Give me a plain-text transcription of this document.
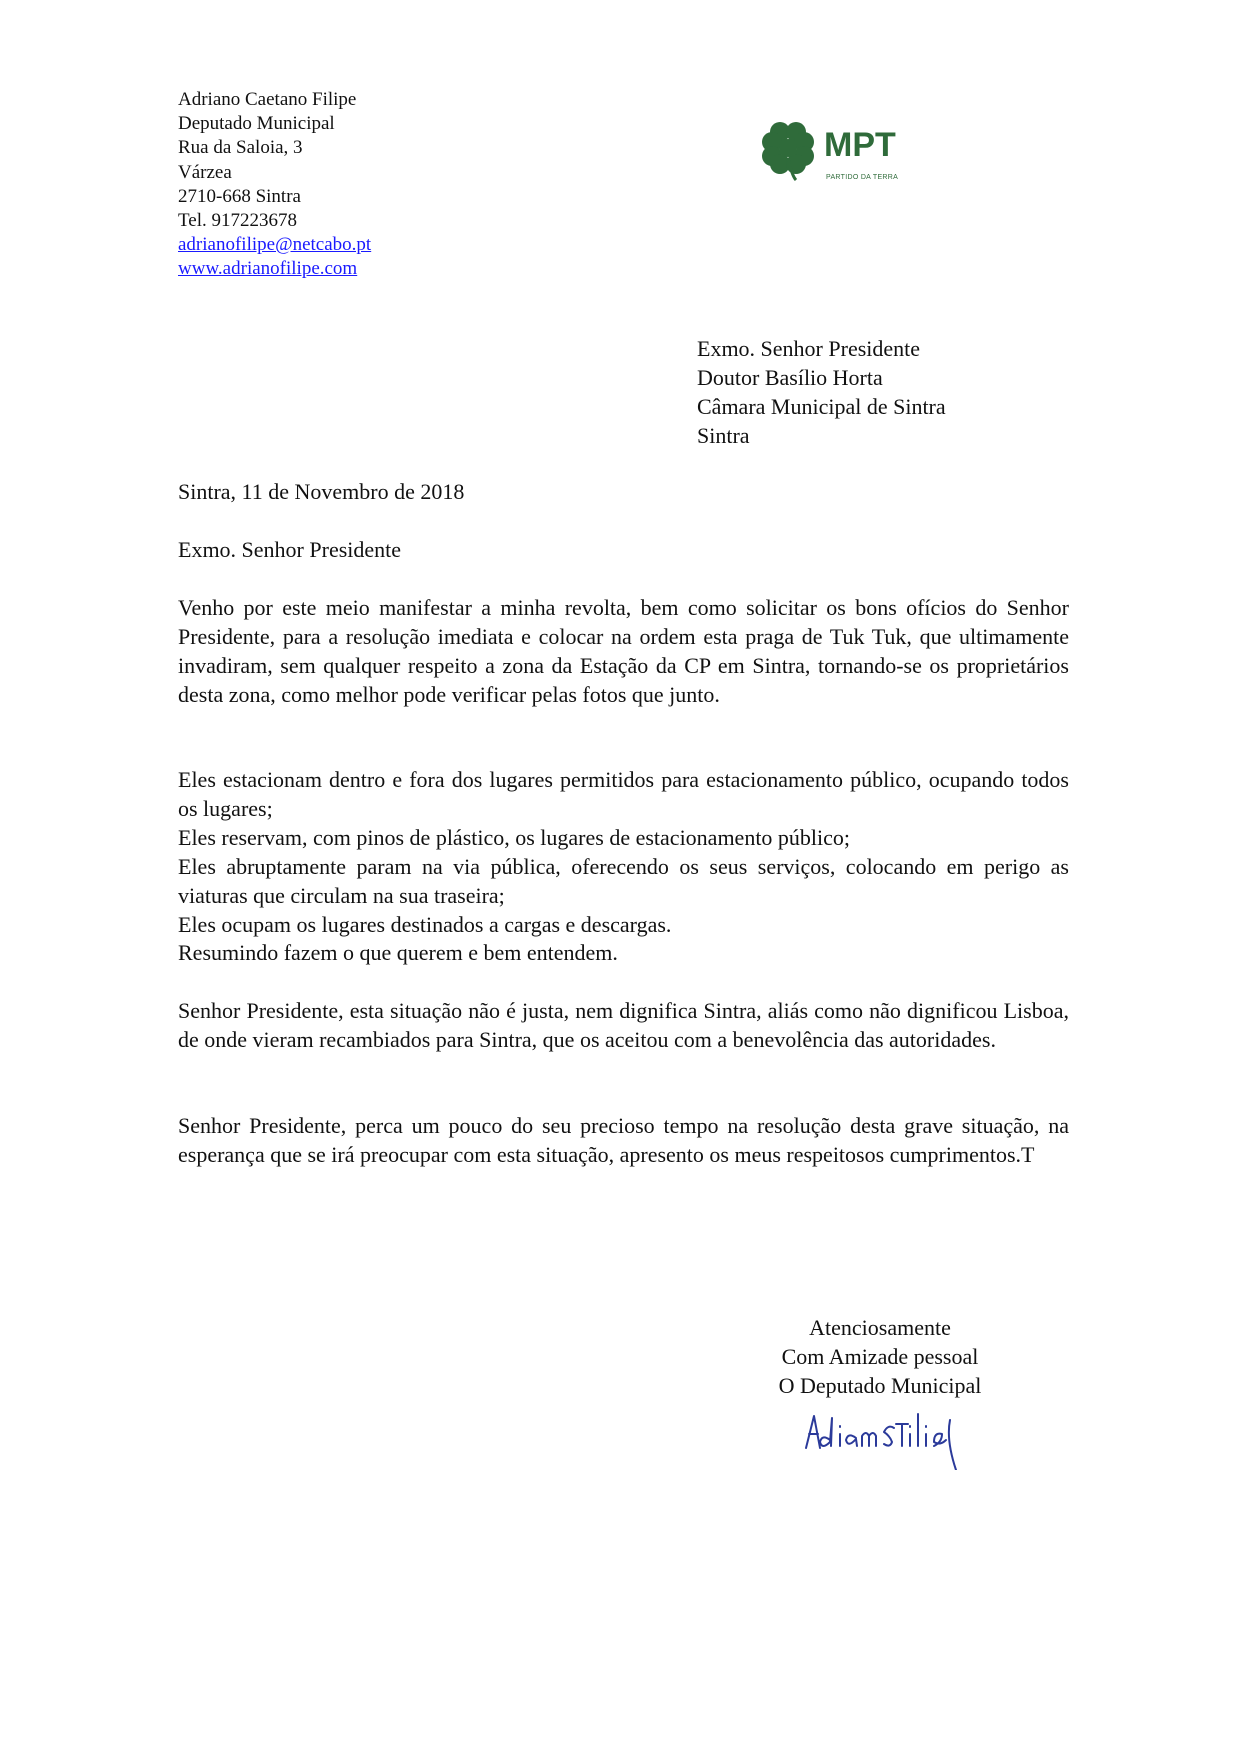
Adriano Caetano Filipe
Deputado Municipal
Rua da Saloia, 3
Várzea
2710-668 Sintra
Tel. 917223678
adrianofilipe@netcabo.pt
www.adrianofilipe.com
MPT
PARTIDO DA TERRA
Exmo. Senhor Presidente
Doutor Basílio Horta
Câmara Municipal de Sintra
Sintra
Sintra, 11 de Novembro de 2018
Exmo. Senhor Presidente
Venho por este meio manifestar a minha revolta, bem como solicitar os bons ofícios do Senhor Presidente, para a resolução imediata e colocar na ordem esta praga de Tuk Tuk, que ultimamente invadiram, sem qualquer respeito a zona da Estação da CP em Sintra, tornando-se os proprietários desta zona, como melhor pode verificar pelas fotos que junto.
Eles estacionam dentro e fora dos lugares permitidos para estacionamento público, ocupando todos os lugares;
Eles reservam, com pinos de plástico, os lugares de estacionamento público;
Eles abruptamente param na via pública, oferecendo os seus serviços, colocando em perigo as viaturas que circulam na sua traseira;
Eles ocupam os lugares destinados a cargas e descargas.
Resumindo fazem o que querem e bem entendem.
Senhor Presidente, esta situação não é justa, nem dignifica Sintra, aliás como não dignificou Lisboa, de onde vieram recambiados para Sintra, que os aceitou com a benevolência das autoridades.
Senhor Presidente, perca um pouco do seu precioso tempo na resolução desta grave situação, na esperança que se irá preocupar com esta situação, apresento os meus respeitosos cumprimentos.T
Atenciosamente
Com Amizade pessoal
O Deputado Municipal
